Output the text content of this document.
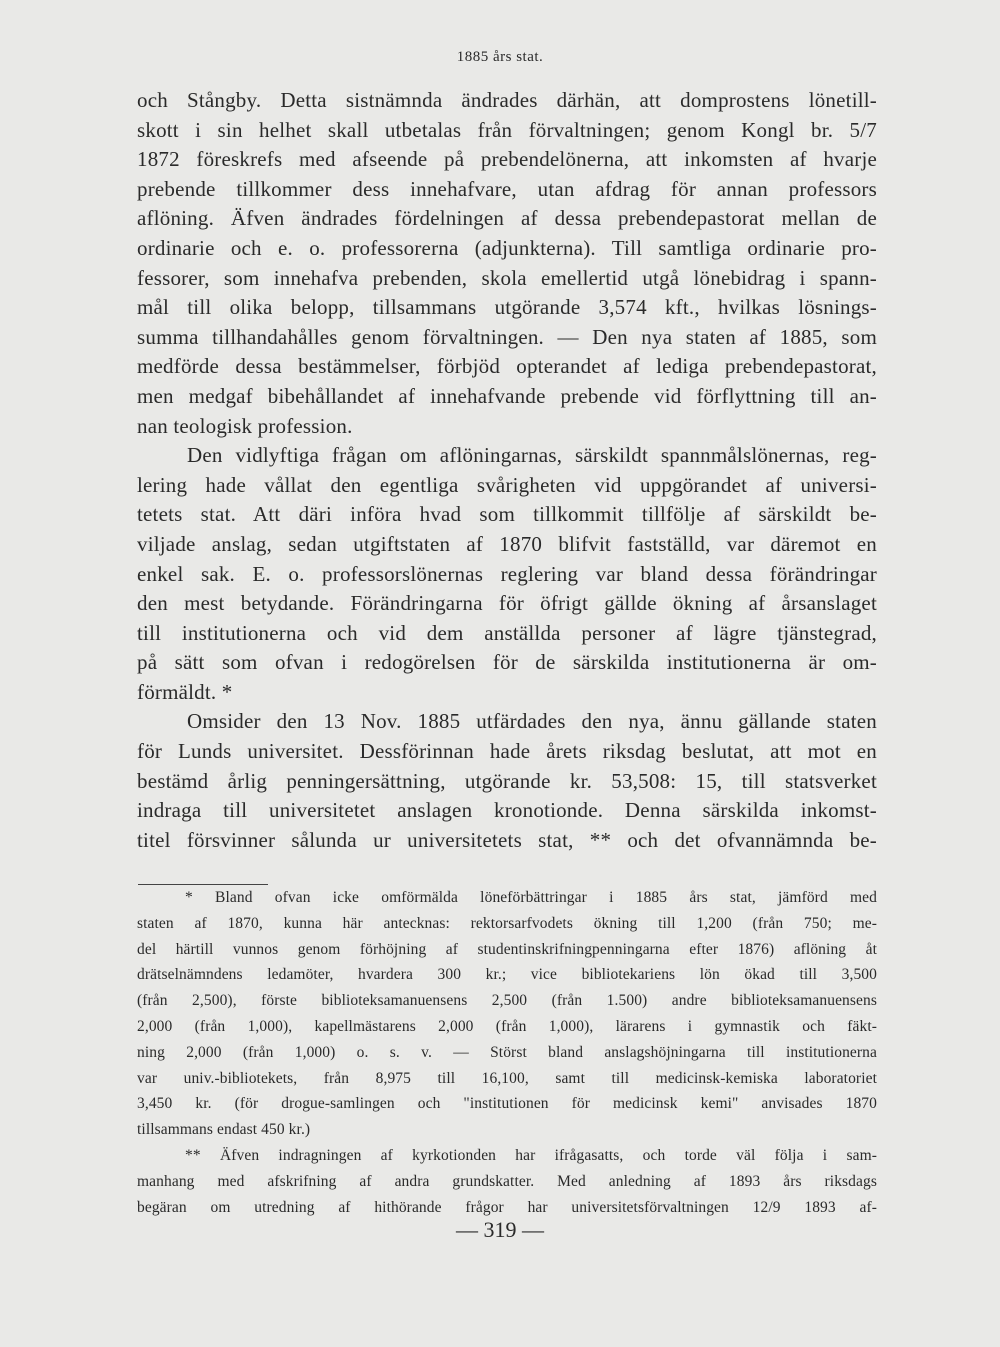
1885 års stat.
och Stångby. Detta sistnämnda ändrades därhän, att domprostens lönetill-
skott i sin helhet skall utbetalas från förvaltningen; genom Kongl br. 5/7
1872 föreskrefs med afseende på prebendelönerna, att inkomsten af hvarje
prebende tillkommer dess innehafvare, utan afdrag för annan professors
aflöning. Äfven ändrades fördelningen af dessa prebendepastorat mellan de
ordinarie och e. o. professorerna (adjunkterna). Till samtliga ordinarie pro-
fessorer, som innehafva prebenden, skola emellertid utgå lönebidrag i spann-
mål till olika belopp, tillsammans utgörande 3,574 kft., hvilkas lösnings-
summa tillhandahålles genom förvaltningen. — Den nya staten af 1885, som
medförde dessa bestämmelser, förbjöd opterandet af lediga prebendepastorat,
men medgaf bibehållandet af innehafvande prebende vid förflyttning till an-
nan teologisk profession.
Den vidlyftiga frågan om aflöningarnas, särskildt spannmålslönernas, reg-
lering hade vållat den egentliga svårigheten vid uppgörandet af universi-
tetets stat. Att däri införa hvad som tillkommit tillfölje af särskildt be-
viljade anslag, sedan utgiftstaten af 1870 blifvit fastställd, var däremot en
enkel sak. E. o. professorslönernas reglering var bland dessa förändringar
den mest betydande. Förändringarna för öfrigt gällde ökning af årsanslaget
till institutionerna och vid dem anställda personer af lägre tjänstegrad,
på sätt som ofvan i redogörelsen för de särskilda institutionerna är om-
förmäldt. *
Omsider den 13 Nov. 1885 utfärdades den nya, ännu gällande staten
för Lunds universitet. Dessförinnan hade årets riksdag beslutat, att mot en
bestämd årlig penningersättning, utgörande kr. 53,508: 15, till statsverket
indraga till universitetet anslagen kronotionde. Denna särskilda inkomst-
titel försvinner sålunda ur universitetets stat, ** och det ofvannämnda be-
* Bland ofvan icke omförmälda löneförbättringar i 1885 års stat, jämförd med
staten af 1870, kunna här antecknas: rektorsarfvodets ökning till 1,200 (från 750; me-
del härtill vunnos genom förhöjning af studentinskrifningpenningarna efter 1876) aflöning åt
drätselnämndens ledamöter, hvardera 300 kr.; vice bibliotekariens lön ökad till 3,500
(från 2,500), förste biblioteksamanuensens 2,500 (från 1.500) andre biblioteksamanuensens
2,000 (från 1,000), kapellmästarens 2,000 (från 1,000), lärarens i gymnastik och fäkt-
ning 2,000 (från 1,000) o. s. v. — Störst bland anslagshöjningarna till institutionerna
var univ.-bibliotekets, från 8,975 till 16,100, samt till medicinsk-kemiska laboratoriet
3,450 kr. (för drogue-samlingen och "institutionen för medicinsk kemi" anvisades 1870
tillsammans endast 450 kr.)
** Äfven indragningen af kyrkotionden har ifrågasatts, och torde väl följa i sam-
manhang med afskrifning af andra grundskatter. Med anledning af 1893 års riksdags
begäran om utredning af hithörande frågor har universitetsförvaltningen 12/9 1893 af-
— 319 —
